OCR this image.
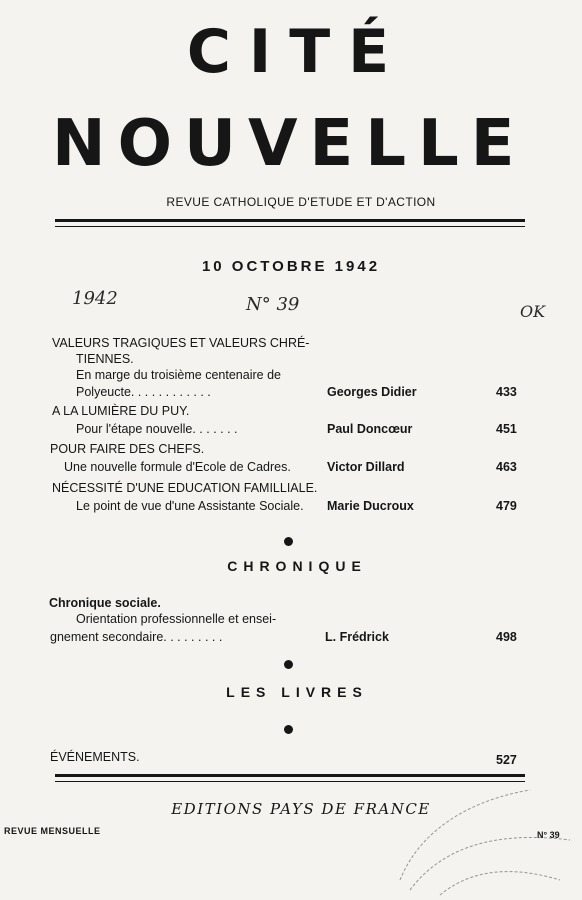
CITÉ
NOUVELLE
REVUE CATHOLIQUE D'ETUDE ET D'ACTION
10 OCTOBRE 1942
1942	N° 39	OK
VALEURS TRAGIQUES ET VALEURS CHRÉ-
TIENNES.
En marge du troisième centenaire de
Polyeucte. . . . . . . . . . . .	Georges Didier	433
A LA LUMIÈRE DU PUY.
Pour l'étape nouvelle. . . . . . .	Paul Doncœur	451
POUR FAIRE DES CHEFS.
Une nouvelle formule d'Ecole de Cadres.	Victor Dillard	463
NÉCESSITÉ D'UNE EDUCATION FAMILLIALE.
Le point de vue d'une Assistante Sociale. Marie Ducroux	479
CHRONIQUE
Chronique sociale.
Orientation professionnelle et ensei-
gnement secondaire. . . . . . . . .	L. Frédrick	498
LES LIVRES
ÉVÉNEMENTS.	527
EDITIONS PAYS DE FRANCE
REVUE MENSUELLE	N° 39
